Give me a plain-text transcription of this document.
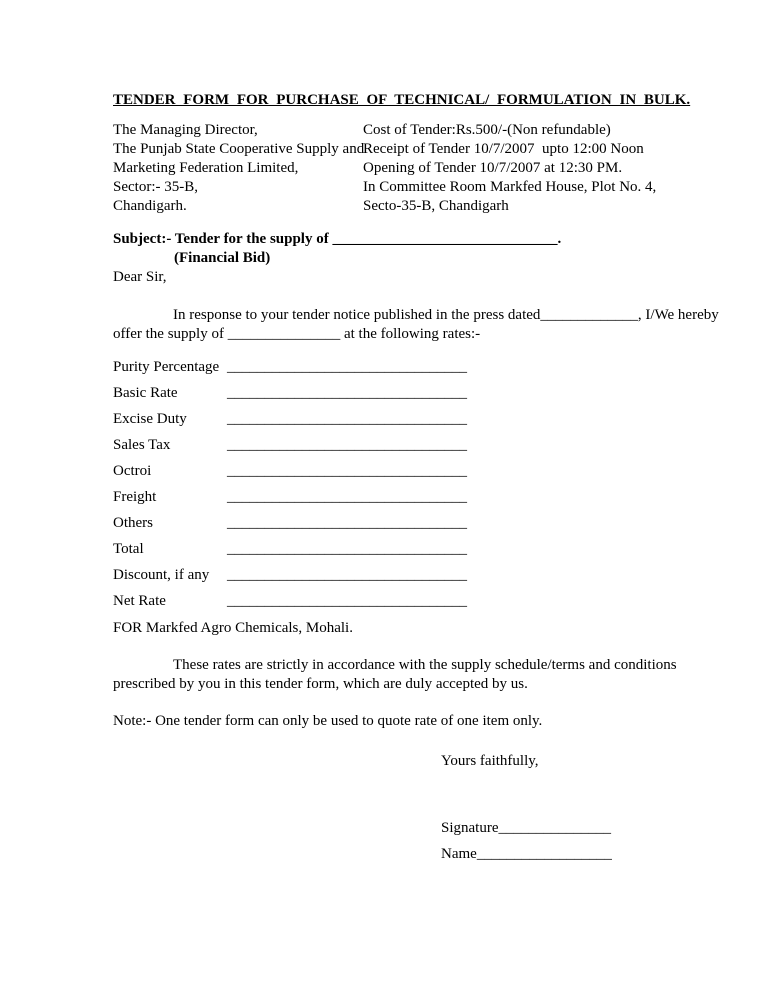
TENDER FORM FOR PURCHASE OF TECHNICAL/ FORMULATION IN BULK.
The Managing Director,
The Punjab State Cooperative Supply and
Marketing Federation Limited,
Sector:- 35-B,
Chandigarh.
Cost of Tender:Rs.500/-(Non refundable)
Receipt of Tender 10/7/2007  upto 12:00 Noon
Opening of Tender 10/7/2007 at 12:30 PM.
In Committee Room Markfed House, Plot No. 4,
Secto-35-B, Chandigarh
Subject:- Tender for the supply of ______________________________.
(Financial Bid)
Dear Sir,
In response to your tender notice published in the press dated_____________, I/We hereby
offer the supply of _______________ at the following rates:-
Purity Percentage ________________________________
Basic Rate	________________________________
Excise Duty	________________________________
Sales Tax	________________________________
Octroi	________________________________
Freight	________________________________
Others	________________________________
Total	________________________________
Discount, if any ________________________________
Net Rate	________________________________
FOR Markfed Agro Chemicals, Mohali.
These rates are strictly in accordance with the supply schedule/terms and conditions
prescribed by you in this tender form, which are duly accepted by us.
Note:- One tender form can only be used to quote rate of one item only.
Yours faithfully,
Signature_______________
Name__________________
